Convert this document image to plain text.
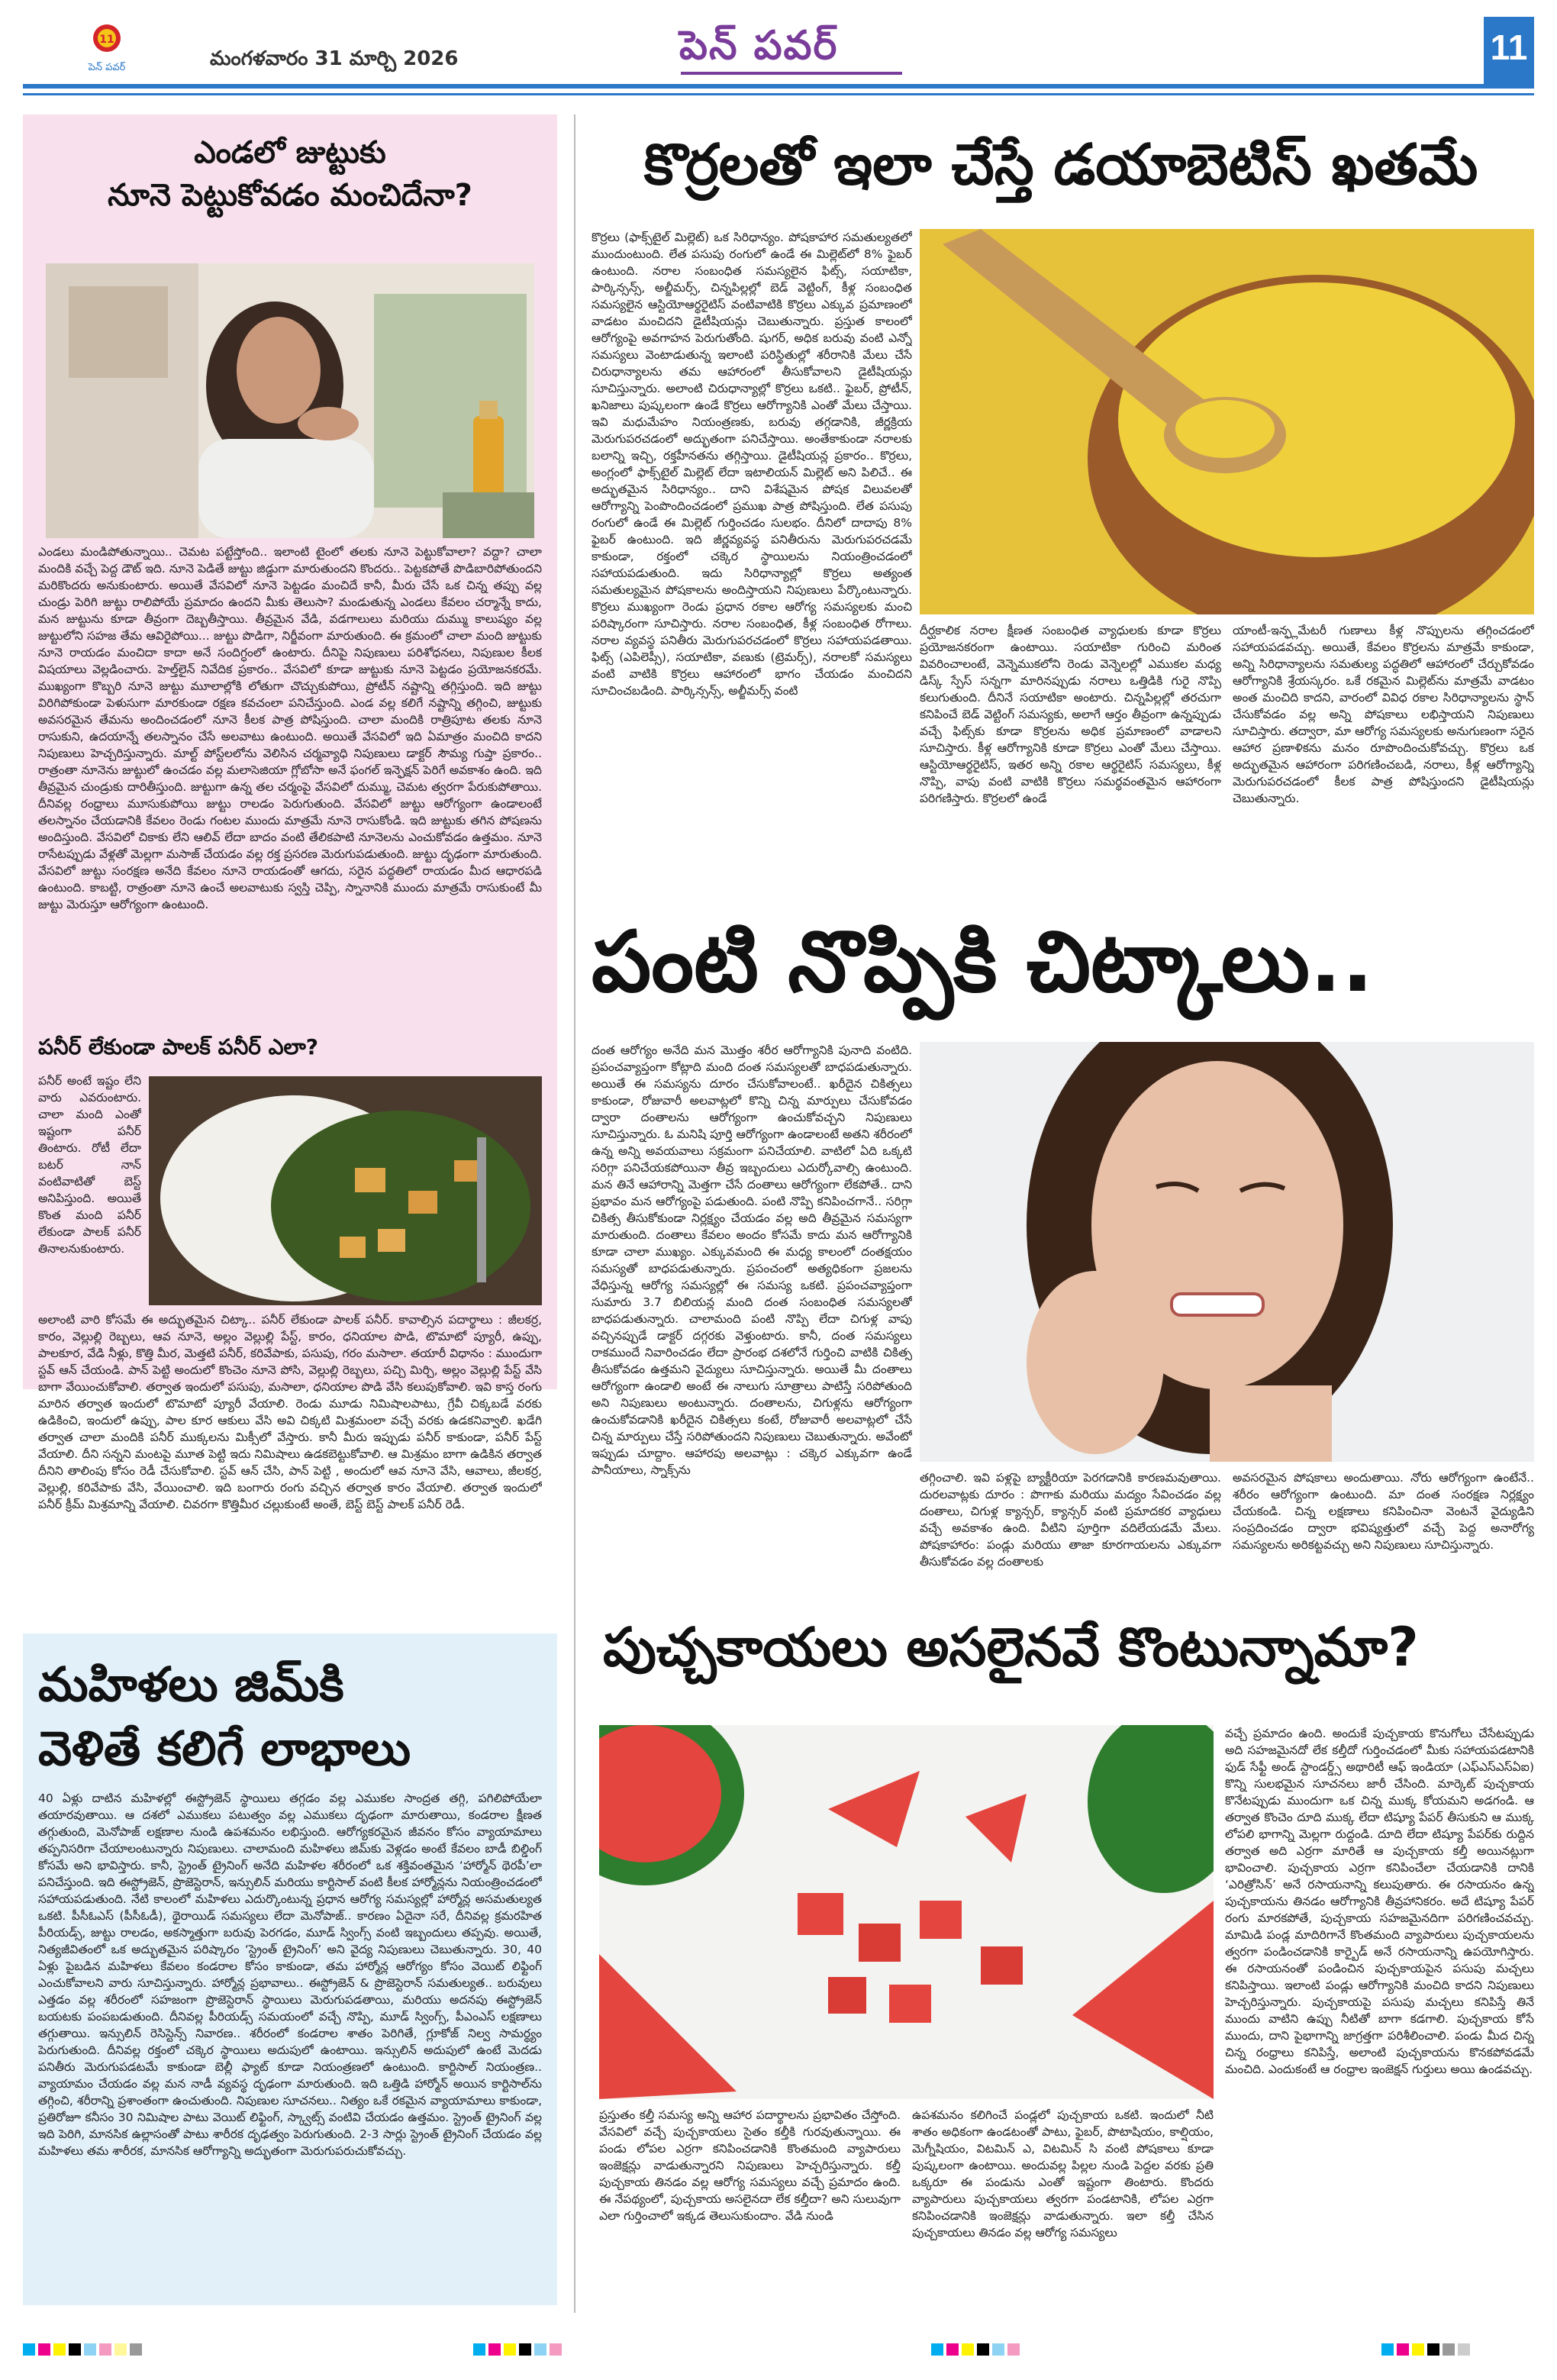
11
పెన్ పవర్	మంగళవారం 31 మార్చి 2026	పెన్ పవర్	11
ఎండలో జుట్టుకు
నూనె పెట్టుకోవడం మంచిదేనా?
ఎండలు మండిపోతున్నాయి.. చెమట పట్టేస్తోంది.. ఇలాంటి టైంలో తలకు నూనె పెట్టుకోవాలా? వద్దా? చాలా మందికి వచ్చే పెద్ద డౌట్ ఇది. నూనె పెడితే జుట్టు జిడ్డుగా మారుతుందని కొందరు.. పెట్టకపోతే పొడిబారిపోతుందని మరికొందరు అనుకుంటారు. అయితే వేసవిలో నూనె పెట్టడం మంచిదే కానీ, మీరు చేసే ఒక చిన్న తప్పు వల్ల చుండ్రు పెరిగి జుట్టు రాలిపోయే ప్రమాదం ఉందని మీకు తెలుసా? మండుతున్న ఎండలు కేవలం చర్మాన్నే కాదు, మన జుట్టును కూడా తీవ్రంగా దెబ్బతీస్తాయి. తీవ్రమైన వేడి, వడగాలులు మరియు దుమ్ము కాలుష్యం వల్ల జుట్టులోని సహజ తేమ ఆవిరైపోయి... జుట్టు పొడిగా, నిర్జీవంగా మారుతుంది. ఈ క్రమంలో చాలా మంది జుట్టుకు నూనె రాయడం మంచిదా కాదా అనే సందిగ్ధంలో ఉంటారు. దీనిపై నిపుణులు పరిశోధనలు, నిపుణుల కీలక విషయాలు వెల్లడించారు. హెల్త్‌లైన్ నివేదిక ప్రకారం.. వేసవిలో కూడా జుట్టుకు నూనె పెట్టడం ప్రయోజనకరమే. ముఖ్యంగా కొబ్బరి నూనె జుట్టు మూలాల్లోకి లోతుగా చొచ్చుకుపోయి, ప్రోటీన్ నష్టాన్ని తగ్గిస్తుంది. ఇది జుట్టు విరిగిపోకుండా పెళుసుగా మారకుండా రక్షణ కవచంలా పనిచేస్తుంది. ఎండ వల్ల కలిగే నష్టాన్ని తగ్గించి, జుట్టుకు అవసరమైన తేమను అందించడంలో నూనె కీలక పాత్ర పోషిస్తుంది. చాలా మందికి రాత్రిపూట తలకు నూనె రాసుకుని, ఉదయాన్నే తలస్నానం చేసే అలవాటు ఉంటుంది. అయితే వేసవిలో ఇది ఏమాత్రం మంచిది కాదని నిపుణులు హెచ్చరిస్తున్నారు. మాల్ట్ పోస్ట్‌లలోను వెలిసిన చర్మవ్యాధి నిపుణులు డాక్టర్ సౌమ్య గుప్తా ప్రకారం.. రాత్రంతా నూనెను జుట్టులో ఉంచడం వల్ల మలాసెజియా గ్లోబోసా అనే ఫంగల్ ఇన్ఫెక్షన్ పెరిగే అవకాశం ఉంది. ఇది తీవ్రమైన చుండ్రుకు దారితీస్తుంది. జుట్టుగా ఉన్న తల చర్మంపై వేసవిలో దుమ్ము, చెమట త్వరగా పేరుకుపోతాయి. దీనివల్ల రంధ్రాలు మూసుకుపోయి జుట్టు రాలడం పెరుగుతుంది. వేసవిలో జుట్టు ఆరోగ్యంగా ఉండాలంటే తలస్నానం చేయడానికి కేవలం రెండు గంటల ముందు మాత్రమే నూనె రాసుకోండి. ఇది జుట్టుకు తగిన పోషణను అందిస్తుంది. వేసవిలో చికాకు లేని ఆలివ్ లేదా బాదం వంటి తేలికపాటి నూనెలను ఎంచుకోవడం ఉత్తమం. నూనె రాసేటప్పుడు వేళ్లతో మెల్లగా మసాజ్ చేయడం వల్ల రక్త ప్రసరణ మెరుగుపడుతుంది. జుట్టు దృఢంగా మారుతుంది. వేసవిలో జుట్టు సంరక్షణ అనేది కేవలం నూనె రాయడంతో ఆగదు, సరైన పద్ధతిలో రాయడం మీద ఆధారపడి ఉంటుంది. కాబట్టి, రాత్రంతా నూనె ఉంచే అలవాటుకు స్వస్తి చెప్పి, స్నానానికి ముందు మాత్రమే రాసుకుంటే మీ జుట్టు మెరుస్తూ ఆరోగ్యంగా ఉంటుంది.
పనీర్ లేకుండా పాలక్ పనీర్ ఎలా?
పనీర్ అంటే ఇష్టం లేని వారు ఎవరుంటారు. చాలా మంది ఎంతో ఇష్టంగా పనీర్ తింటారు. రోటీ లేదా బటర్ నాన్ వంటివాటితో బెస్ట్ అనిపిస్తుంది. అయితే కొంత మంది పనీర్ లేకుండా పాలక్ పనీర్ తినాలనుకుంటారు.
అలాంటి వారి కోసమే ఈ అద్భుతమైన చిట్కా.. పనీర్ లేకుండా పాలక్ పనీర్. కావాల్సిన పదార్థాలు : జీలకర్ర, కారం, వెల్లుల్లి రెబ్బలు, ఆవ నూనె, అల్లం వెల్లుల్లి పేస్ట్, కారం, ధనియాల పొడి, టొమాటో ప్యూరీ, ఉప్పు, పాలకూర, వేడి నీళ్లు, కొత్తి మీర, మెత్తటి పనీర్, కరివేపాకు, పసుపు, గరం మసాలా. తయారీ విధానం : ముందుగా స్టవ్ ఆన్ చేయండి. పాన్ పెట్టి అందులో కొంచెం నూనె పోసి, వెల్లుల్లి రెబ్బలు, పచ్చి మిర్చి, అల్లం వెల్లుల్లి పేస్ట్ వేసి బాగా వేయించుకోవాలి. తర్వాత ఇందులో పసుపు, మసాలా, ధనియాల పొడి వేసి కలుపుకోవాలి. ఇవి కాస్త రంగు మారిన తర్వాత ఇందులో టొమాటో ప్యూరీ వేయాలి. రెండు మూడు నిమిషాలపాటు, గ్రేవీ చిక్కబడే వరకు ఉడికించి, ఇందులో ఉప్పు, పాల కూర ఆకులు వేసి అవి చిక్కటి మిశ్రమంలా వచ్చే వరకు ఉడకనివ్వాలి. ఖడేగి తర్వాత చాలా మందికి పనీర్ ముక్కలను మిక్సీలో వేస్తారు. కానీ మీరు ఇప్పుడు పనీర్ కాకుండా, పనీర్ పేస్ట్ వేయాలి. దీని సన్నని మంటపై మూత పెట్టి ఇదు నిమిషాలు ఉడకబెట్టుకోవాలి. ఆ మిశ్రమం బాగా ఉడికిన తర్వాత దీనిని తాలింపు కోసం రెడీ చేసుకోవాలి. స్టవ్ ఆన్ చేసి, పాన్ పెట్టి , అందులో ఆవ నూనె వేసి, ఆవాలు, జీలకర్ర, వెల్లుల్లి, కరివేపాకు వేసి, వేయించాలి. ఇది బంగారు రంగు వచ్చిన తర్వాత కారం వేయాలి. తర్వాత ఇందులో పనీర్ క్రీమ్ మిశ్రమాన్ని వేయాలి. చివరగా కొత్తిమీర చల్లుకుంటే అంతే, బెస్ట్ బెస్ట్ పాలక్ పనీర్ రెడీ.
మహిళలు జిమ్‌కి
వెళితే కలిగే లాభాలు
40 ఏళ్లు దాటిన మహిళల్లో ఈస్ట్రోజెన్ స్థాయిలు తగ్గడం వల్ల ఎముకల సాంద్రత తగ్గి, పగిలిపోయేలా తయారవుతాయి. ఆ దశలో ఎముకలు పటుత్వం వల్ల ఎముకలు దృఢంగా మారుతాయి, కండరాల క్షీణత తగ్గుతుంది, మెనోపాజ్ లక్షణాల నుండి ఉపశమనం లభిస్తుంది. ఆరోగ్యకరమైన జీవనం కోసం వ్యాయామాలు తప్పనిసరిగా చేయాలంటున్నారు నిపుణులు. చాలామంది మహిళలు జిమ్‌కు వెళ్లడం అంటే కేవలం బాడీ బిల్డింగ్ కోసమే అని భావిస్తారు. కానీ, స్ట్రెంత్ ట్రైనింగ్ అనేది మహిళల శరీరంలో ఒక శక్తివంతమైన ‘హార్మోన్ థెరపీ’లా పనిచేస్తుంది. ఇది ఈస్ట్రోజెన్, ప్రొజెస్టెరాన్, ఇన్సులిన్ మరియు కార్టిసాల్ వంటి కీలక హార్మోన్లను నియంత్రించడంలో సహాయపడుతుంది. నేటి కాలంలో మహిళలు ఎదుర్కొంటున్న ప్రధాన ఆరోగ్య సమస్యల్లో హార్మోన్ల అసమతుల్యత ఒకటి. పీసీఓఎస్ (పీసీఓడీ), థైరాయిడ్ సమస్యలు లేదా మెనోపాజ్.. కారణం ఏదైనా సరే, దీనివల్ల క్రమరహిత పీరియడ్స్, జుట్టు రాలడం, అకస్మాత్తుగా బరువు పెరగడం, మూడ్ స్వింగ్స్ వంటి ఇబ్బందులు తప్పవు. అయితే, నిత్యజీవితంలో ఒక అద్భుతమైన పరిష్కారం ‘స్ట్రెంత్ ట్రైనింగ్’ అని వైద్య నిపుణులు చెబుతున్నారు. 30, 40 ఏళ్లు పైబడిన మహిళలు కేవలం కండరాల కోసం కాకుండా, తమ హార్మోన్ల ఆరోగ్యం కోసం వెయిట్ లిఫ్టింగ్ ఎంచుకోవాలని వారు సూచిస్తున్నారు. హార్మోన్ల ప్రభావాలు.. ఈస్ట్రోజెన్ & ప్రొజెస్టెరాన్ సమతుల్యత.. బరువులు ఎత్తడం వల్ల శరీరంలో సహజంగా ప్రొజెస్టెరాన్ స్థాయిలు మెరుగుపడతాయి, మరియు అదనపు ఈస్ట్రోజెన్ బయటకు పంపబడుతుంది. దీనివల్ల పీరియడ్స్ సమయంలో వచ్చే నొప్పి, మూడ్ స్వింగ్స్, పీఎంఎస్ లక్షణాలు తగ్గుతాయి. ఇన్సులిన్ రెసిస్టెన్స్ నివారణ.. శరీరంలో కండరాల శాతం పెరిగితే, గ్లూకోజ్ నిల్వ సామర్థ్యం పెరుగుతుంది. దీనివల్ల రక్తంలో చక్కెర స్థాయిలు అదుపులో ఉంటాయి. ఇన్సులిన్ అదుపులో ఉంటే మెదడు పనితీరు మెరుగుపడటమే కాకుండా బెల్లీ ఫ్యాట్ కూడా నియంత్రణలో ఉంటుంది. కార్టిసాల్ నియంత్రణ.. వ్యాయామం చేయడం వల్ల మన నాడీ వ్యవస్థ దృఢంగా మారుతుంది. ఇది ఒత్తిడి హార్మోన్ అయిన కార్టిసాల్‌ను తగ్గించి, శరీరాన్ని ప్రశాంతంగా ఉంచుతుంది. నిపుణుల సూచనలు.. నిత్యం ఒకే రకమైన వ్యాయామాలు కాకుండా, ప్రతిరోజూ కనీసం 30 నిమిషాల పాటు వెయిట్ లిఫ్టింగ్, స్క్వాట్స్ వంటివి చేయడం ఉత్తమం. స్ట్రెంత్ ట్రైనింగ్ వల్ల ఇది పెరిగి, మానసిక ఉల్లాసంతో పాటు శారీరక దృఢత్వం పెరుగుతుంది. 2-3 సార్లు స్ట్రెంత్ ట్రైనింగ్ చేయడం వల్ల మహిళలు తమ శారీరక, మానసిక ఆరోగ్యాన్ని అద్భుతంగా మెరుగుపరుచుకోవచ్చు.
కొర్రలతో ఇలా చేస్తే డయాబెటిస్ ఖతమే
కొర్రలు (ఫాక్స్‌టైల్ మిల్లెట్) ఒక సిరిధాన్యం. పోషకాహార సమతుల్యతలో ముందుంటుంది. లేత పసుపు రంగులో ఉండే ఈ మిల్లెట్‌లో 8% ఫైబర్ ఉంటుంది. నరాల సంబంధిత సమస్యలైన ఫిట్స్, సయాటికా, పార్కిన్సన్స్, అల్జీమర్స్, చిన్నపిల్లల్లో బెడ్ వెట్టింగ్, కీళ్ల సంబంధిత సమస్యలైన ఆస్టియోఆర్థరైటిస్ వంటివాటికి కొర్రలు ఎక్కువ ప్రమాణంలో వాడటం మంచిదని డైటీషియన్లు చెబుతున్నారు. ప్రస్తుత కాలంలో ఆరోగ్యంపై అవగాహన పెరుగుతోంది. షుగర్, అధిక బరువు వంటి ఎన్నో సమస్యలు వెంటాడుతున్న ఇలాంటి పరిస్థితుల్లో శరీరానికి మేలు చేసే చిరుధాన్యాలను తమ ఆహారంలో తీసుకోవాలని డైటీషియన్లు సూచిస్తున్నారు. అలాంటి చిరుధాన్యాల్లో కొర్రలు ఒకటి.. ఫైబర్, ప్రోటీన్, ఖనిజాలు పుష్కలంగా ఉండే కొర్రలు ఆరోగ్యానికి ఎంతో మేలు చేస్తాయి. ఇవి మధుమేహం నియంత్రణకు, బరువు తగ్గడానికి, జీర్ణక్రియ మెరుగుపరచడంలో అద్భుతంగా పనిచేస్తాయి. అంతేకాకుండా నరాలకు బలాన్ని ఇచ్చి, రక్తహీనతను తగ్గిస్తాయి. డైటీషియన్ల ప్రకారం.. కొర్రలు, అంగ్లంలో ఫాక్స్‌టైల్ మిల్లెట్ లేదా ఇటాలియన్ మిల్లెట్ అని పిలిచే.. ఈ అద్భుతమైన సిరిధాన్యం.. దాని విశేషమైన పోషక విలువలతో ఆరోగ్యాన్ని పెంపొందించడంలో ప్రముఖ పాత్ర పోషిస్తుంది. లేత పసుపు రంగులో ఉండే ఈ మిల్లెట్ గుర్తించడం సులభం. దీనిలో దాదాపు 8% ఫైబర్ ఉంటుంది. ఇది జీర్ణవ్యవస్థ పనితీరును మెరుగుపరచడమే కాకుండా, రక్తంలో చక్కెర స్థాయిలను నియంత్రించడంలో సహాయపడుతుంది. ఇదు సిరిధాన్యాల్లో కొర్రలు అత్యంత సమతుల్యమైన పోషకాలను అందిస్తాయని నిపుణులు పేర్కొంటున్నారు. కొర్రలు ముఖ్యంగా రెండు ప్రధాన రకాల ఆరోగ్య సమస్యలకు మంచి పరిష్కారంగా సూచిస్తారు. నరాల సంబంధిత, కీళ్ల సంబంధిత రోగాలు. నరాల వ్యవస్థ పనితీరు మెరుగుపరచడంలో కొర్రలు సహాయపడతాయి. ఫిట్స్ (ఎపిలెప్సీ), సయాటికా, వణుకు (ట్రెమర్స్), నరాలకో సమస్యలు వంటి వాటికి కొర్రలు ఆహారంలో భాగం చేయడం మంచిదని సూచించబడింది. పార్కిన్సన్స్, అల్జీమర్స్ వంటి
దీర్ఘకాలిక నరాల క్షీణత సంబంధిత వ్యాధులకు కూడా కొర్రలు ప్రయోజనకరంగా ఉంటాయి. సయాటికా గురించి మరింత వివరించాలంటే, వెన్నెముకలోని రెండు వెన్నెలల్లో ఎముకల మధ్య డిస్క్ స్పేస్ సన్నగా మారినప్పుడు నరాలు ఒత్తిడికి గురై నొప్పి కలుగుతుంది. దీనినే సయాటికా అంటారు. చిన్నపిల్లల్లో తరచుగా కనిపించే బెడ్ వెట్టింగ్ సమస్యకు, అలాగే ఆర్తం తీవ్రంగా ఉన్నప్పుడు వచ్చే ఫిట్స్‌కు కూడా కొర్రలను అధిక ప్రమాణంలో వాడాలని సూచిస్తారు. కీళ్ల ఆరోగ్యానికి కూడా కొర్రలు ఎంతో మేలు చేస్తాయి. ఆస్టియోఆర్థరైటిస్, ఇతర అన్ని రకాల ఆర్థరైటిస్ సమస్యలు, కీళ్ల నొప్పి, వాపు వంటి వాటికి కొర్రలు సమర్థవంతమైన ఆహారంగా పరిగణిస్తారు. కొర్రలలో ఉండే
యాంటీ-ఇన్ఫ్లమేటరీ గుణాలు కీళ్ల నొప్పులను తగ్గించడంలో సహాయపడవచ్చు. అయితే, కేవలం కొర్రలను మాత్రమే కాకుండా, అన్ని సిరిధాన్యాలను సమతుల్య పద్ధతిలో ఆహారంలో చేర్చుకోవడం ఆరోగ్యానికి శ్రేయస్కరం. ఒకే రకమైన మిల్లెట్‌ను మాత్రమే వాడటం అంత మంచిది కాదని, వారంలో వివిధ రకాల సిరిధాన్యాలను స్థాన్ చేసుకోవడం వల్ల అన్ని పోషకాలు లభిస్తాయని నిపుణులు సూచిస్తారు. తద్వారా, మా ఆరోగ్య సమస్యలకు అనుగుణంగా సరైన ఆహార ప్రణాళికను మనం రూపొందించుకోవచ్చు. కొర్రలు ఒక అద్భుతమైన ఆహారంగా పరిగణించబడి, నరాలు, కీళ్ల ఆరోగ్యాన్ని మెరుగుపరచడంలో కీలక పాత్ర పోషిస్తుందని డైటీషియన్లు చెబుతున్నారు.
పంటి నొప్పికి చిట్కాలు..
దంత ఆరోగ్యం అనేది మన మొత్తం శరీర ఆరోగ్యానికి పునాది వంటిది. ప్రపంచవ్యాప్తంగా కోట్లాది మంది దంత సమస్యలతో బాధపడుతున్నారు. అయితే ఈ సమస్యను దూరం చేసుకోవాలంటే.. ఖరీదైన చికిత్సలు కాకుండా, రోజువారీ అలవాట్లలో కొన్ని చిన్న మార్పులు చేసుకోవడం ద్వారా దంతాలను ఆరోగ్యంగా ఉంచుకోవచ్చని నిపుణులు సూచిస్తున్నారు. ఓ మనిషి పూర్తి ఆరోగ్యంగా ఉండాలంటే అతని శరీరంలో ఉన్న అన్ని అవయవాలు సక్రమంగా పనిచేయాలి. వాటిలో ఏది ఒక్కటి సరిగ్గా పనిచేయకపోయినా తీవ్ర ఇబ్బందులు ఎదుర్కోవాల్సి ఉంటుంది. మన తినే ఆహారాన్ని మెత్తగా చేసే దంతాలు ఆరోగ్యంగా లేకపోతే.. దాని ప్రభావం మన ఆరోగ్యంపై పడుతుంది. పంటి నొప్పి కనిపించగానే.. సరిగ్గా చికిత్స తీసుకోకుండా నిర్లక్ష్యం చేయడం వల్ల అది తీవ్రమైన సమస్యగా మారుతుంది. దంతాలు కేవలం అందం కోసమే కాదు మన ఆరోగ్యానికి కూడా చాలా ముఖ్యం. ఎక్కువమంది ఈ మధ్య కాలంలో దంతక్షయం సమస్యతో బాధపడుతున్నారు. ప్రపంచంలో అత్యధికంగా ప్రజలను వేధిస్తున్న ఆరోగ్య సమస్యల్లో ఈ సమస్య ఒకటి. ప్రపంచవ్యాప్తంగా సుమారు 3.7 బిలియన్ల మంది దంత సంబంధిత సమస్యలతో బాధపడుతున్నారు. చాలామంది పంటి నొప్పి లేదా చిగుళ్ల వాపు వచ్చినప్పుడే డాక్టర్ దగ్గరకు వెళ్తుంటారు. కానీ, దంత సమస్యలు రాకముందే నివారించడం లేదా ప్రారంభ దశలోనే గుర్తించి వాటికి చికిత్స తీసుకోవడం ఉత్తమని వైద్యులు సూచిస్తున్నారు. అయితే మీ దంతాలు ఆరోగ్యంగా ఉండాలి అంటే ఈ నాలుగు సూత్రాలు పాటిస్తే సరిపోతుంది అని నిపుణులు అంటున్నారు. దంతాలను, చిగుళ్లను ఆరోగ్యంగా ఉంచుకోవడానికి ఖరీదైన చికిత్సలు కంటే, రోజువారీ అలవాట్లలో చేసే చిన్న మార్పులు చేస్తే సరిపోతుందని నిపుణులు చెబుతున్నారు. అవేంటో ఇప్పుడు చూద్దాం. ఆహారపు అలవాట్లు : చక్కెర ఎక్కువగా ఉండే పానీయాలు, స్నాక్స్‌ను
తగ్గించాలి. ఇవి పళ్లపై బ్యాక్టీరియా పెరగడానికి కారణమవుతాయి. దురలవాట్లకు దూరం : పొగాకు మరియు మద్యం సేవించడం వల్ల దంతాలు, చిగుళ్ల క్యాన్సర్, క్యాన్సర్ వంటి ప్రమాదకర వ్యాధులు వచ్చే అవకాశం ఉంది. వీటిని పూర్తిగా వదిలేయడమే మేలు. పోషకాహారం: పండ్లు మరియు తాజా కూరగాయలను ఎక్కువగా తీసుకోవడం వల్ల దంతాలకు
అవసరమైన పోషకాలు అందుతాయి. నోరు ఆరోగ్యంగా ఉంటేనే.. శరీరం ఆరోగ్యంగా ఉంటుంది. మా దంత సంరక్షణ నిర్లక్ష్యం చేయకండి. చిన్న లక్షణాలు కనిపించినా వెంటనే వైద్యుడిని సంప్రదించడం ద్వారా భవిష్యత్తులో వచ్చే పెద్ద అనారోగ్య సమస్యలను అరికట్టవచ్చు అని నిపుణులు సూచిస్తున్నారు.
పుచ్చకాయలు అసలైనవే కొంటున్నామా?
వచ్చే ప్రమాదం ఉంది. అందుకే పుచ్చకాయ కొనుగోలు చేసేటప్పుడు అది సహజమైనదో లేక కల్తీదో గుర్తించడంలో మీకు సహాయపడటానికి ఫుడ్ సేఫ్టీ అండ్ స్టాండర్డ్స్ అథారిటీ ఆఫ్ ఇండియా (ఎఫ్ఎస్ఎస్ఏఐ) కొన్ని సులభమైన సూచనలు జారీ చేసింది. మార్కెట్ పుచ్చకాయ కొనేటప్పుడు ముందుగా ఒక చిన్న ముక్క కోయమని అడగండి. ఆ తర్వాత కొంచెం దూది ముక్క లేదా టిష్యూ పేపర్ తీసుకుని ఆ ముక్క లోపలి భాగాన్ని మెల్లగా రుద్దండి. దూది లేదా టిష్యూ పేపర్‌కు రుద్దిన తర్వాత అది ఎర్రగా మారితే ఆ పుచ్చకాయ కల్తీ అయినట్లుగా భావించాలి. పుచ్చకాయ ఎర్రగా కనిపించేలా చేయడానికి దానికి ‘ఎరిత్రోసిన్’ అనే రసాయనాన్ని కలుపుతారు. ఈ రసాయనం ఉన్న పుచ్చకాయను తినడం ఆరోగ్యానికి తీవ్రహానికరం. అదే టిష్యూ పేపర్ రంగు మారకపోతే, పుచ్చకాయ సహజమైనదిగా పరిగణించవచ్చు. మామిడి పండ్ల మాదిరిగానే కొంతమంది వ్యాపారులు పుచ్చకాయలను త్వరగా పండించడానికి కార్బైడ్ అనే రసాయనాన్ని ఉపయోగిస్తారు. ఈ రసాయనంతో పండించిన పుచ్చకాయపైన పసుపు మచ్చలు కనిపిస్తాయి. ఇలాంటి పండ్లు ఆరోగ్యానికి మంచిది కాదని నిపుణులు హెచ్చరిస్తున్నారు. పుచ్చకాయపై పసుపు మచ్చలు కనిపిస్తే తినే ముందు వాటిని ఉప్పు నీటితో బాగా కడగాలి. పుచ్చకాయ కోసే ముందు, దాని పైభాగాన్ని జాగ్రత్తగా పరిశీలించాలి. పండు మీద చిన్న చిన్న రంధ్రాలు కనిపిస్తే, అలాంటి పుచ్చకాయను కొనకపోవడమే మంచిది. ఎందుకంటే ఆ రంధ్రాల ఇంజెక్షన్ గుర్తులు అయి ఉండవచ్చు.
ప్రస్తుతం కల్తీ సమస్య అన్ని ఆహార పదార్థాలను ప్రభావితం చేస్తోంది. వేసవిలో వచ్చే పుచ్చకాయలు సైతం కల్తీకి గురవుతున్నాయి. ఈ పండు లోపల ఎర్రగా కనిపించడానికి కొంతమంది వ్యాపారులు ఇంజెక్షన్లు వాడుతున్నారని నిపుణులు హెచ్చరిస్తున్నారు. కల్తీ పుచ్చకాయ తినడం వల్ల ఆరోగ్య సమస్యలు వచ్చే ప్రమాదం ఉంది. ఈ నేపథ్యంలో, పుచ్చకాయ అసలైనదా లేక కల్తీదా? అని సులువుగా ఎలా గుర్తించాలో ఇక్కడ తెలుసుకుందాం. వేడి నుండి
ఉపశమనం కలిగించే పండ్లలో పుచ్చకాయ ఒకటి. ఇందులో నీటి శాతం అధికంగా ఉండటంతో పాటు, ఫైబర్, పొటాషియం, కాల్షియం, మెగ్నీషియం, విటమిన్ ఎ, విటమిన్ సి వంటి పోషకాలు కూడా పుష్కలంగా ఉంటాయి. అందువల్ల పిల్లల నుండి పెద్దల వరకు ప్రతి ఒక్కరూ ఈ పండును ఎంతో ఇష్టంగా తింటారు. కొందరు వ్యాపారులు పుచ్చకాయలు త్వరగా పండటానికి, లోపల ఎర్రగా కనిపించడానికి ఇంజెక్షన్లు వాడుతున్నారు. ఇలా కల్తీ చేసిన పుచ్చకాయలు తినడం వల్ల ఆరోగ్య సమస్యలు
